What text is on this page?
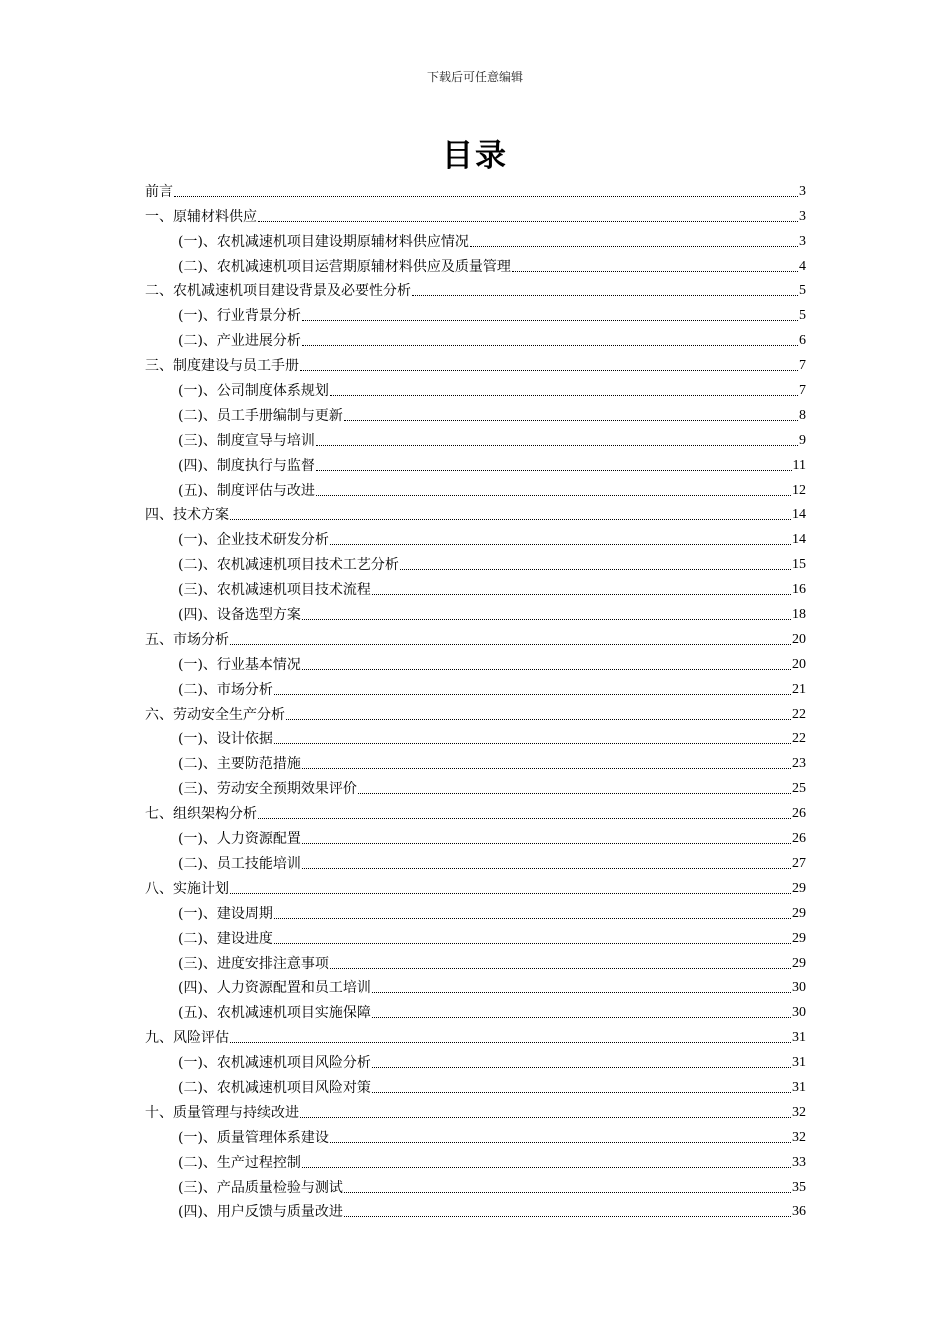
下载后可任意编辑
目录
前言	3
一、原辅材料供应	3
(一)、农机减速机项目建设期原辅材料供应情况	3
(二)、农机减速机项目运营期原辅材料供应及质量管理	4
二、农机减速机项目建设背景及必要性分析	5
(一)、行业背景分析	5
(二)、产业进展分析	6
三、制度建设与员工手册	7
(一)、公司制度体系规划	7
(二)、员工手册编制与更新	8
(三)、制度宣导与培训	9
(四)、制度执行与监督	11
(五)、制度评估与改进	12
四、技术方案	14
(一)、企业技术研发分析	14
(二)、农机减速机项目技术工艺分析	15
(三)、农机减速机项目技术流程	16
(四)、设备选型方案	18
五、市场分析	20
(一)、行业基本情况	20
(二)、市场分析	21
六、劳动安全生产分析	22
(一)、设计依据	22
(二)、主要防范措施	23
(三)、劳动安全预期效果评价	25
七、组织架构分析	26
(一)、人力资源配置	26
(二)、员工技能培训	27
八、实施计划	29
(一)、建设周期	29
(二)、建设进度	29
(三)、进度安排注意事项	29
(四)、人力资源配置和员工培训	30
(五)、农机减速机项目实施保障	30
九、风险评估	31
(一)、农机减速机项目风险分析	31
(二)、农机减速机项目风险对策	31
十、质量管理与持续改进	32
(一)、质量管理体系建设	32
(二)、生产过程控制	33
(三)、产品质量检验与测试	35
(四)、用户反馈与质量改进	36
